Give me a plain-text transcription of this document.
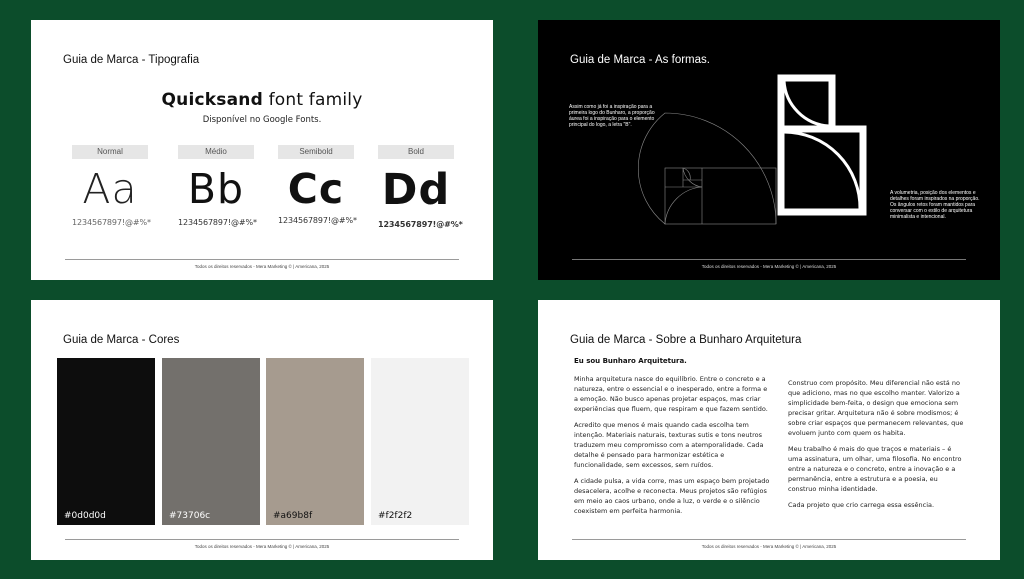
Guia de Marca - Tipografia
Quicksand font family
Disponível no Google Fonts.
Normal
Aa
1234567897!@#%*
Médio
Bb
1234567897!@#%*
Semibold
Cc
1234567897!@#%*
Bold
Dd
1234567897!@#%*
Todos os direitos reservados - Mera Marketing © | Americana, 2025
Guia de Marca - As formas.
Assim como já foi a inspiração para a primeira logo do Bunharo, a proporção áurea foi a inspiração para o elemento principal do logo, a letra "B".
A volumetria, posição dos elementos e detalhes foram inspirados na proporção. Os ângulos retos foram mantidos para conversar com o estilo de arquitetura minimalista e intencional.
Todos os direitos reservados - Mera Marketing © | Americana, 2025
Guia de Marca - Cores
#0d0d0d	#73706c	#a69b8f	#f2f2f2
Todos os direitos reservados - Mera Marketing © | Americana, 2025
Guia de Marca - Sobre a Bunharo Arquitetura
Eu sou Bunharo Arquitetura.

Minha arquitetura nasce do equilíbrio. Entre o concreto e a natureza, entre o essencial e o inesperado, entre a forma e a emoção. Não busco apenas projetar espaços, mas criar experiências que fluem, que respiram e que fazem sentido.

Acredito que menos é mais quando cada escolha tem intenção. Materiais naturais, texturas sutis e tons neutros traduzem meu compromisso com a atemporalidade. Cada detalhe é pensado para harmonizar estética e funcionalidade, sem excessos, sem ruídos.

A cidade pulsa, a vida corre, mas um espaço bem projetado desacelera, acolhe e reconecta. Meus projetos são refúgios em meio ao caos urbano, onde a luz, o verde e o silêncio coexistem em perfeita harmonia.

Construo com propósito. Meu diferencial não está no que adiciono, mas no que escolho manter. Valorizo a simplicidade bem-feita, o design que emociona sem precisar gritar. Arquitetura não é sobre modismos; é sobre criar espaços que permanecem relevantes, que evoluem junto com quem os habita.

Meu trabalho é mais do que traços e materiais – é uma assinatura, um olhar, uma filosofia. No encontro entre a natureza e o concreto, entre a inovação e a permanência, entre a estrutura e a poesia, eu construo minha identidade.

Cada projeto que crio carrega essa essência.

Todos os direitos reservados - Mera Marketing © | Americana, 2025
